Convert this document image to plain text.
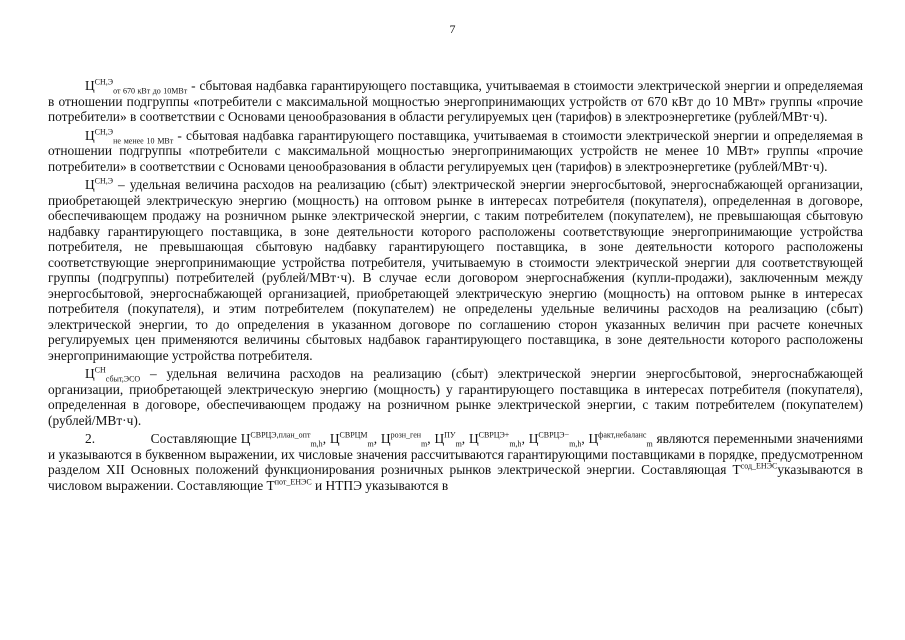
7

$Ц^{СН,Э}_{от 670 кВт до 10МВт}$ - сбытовая надбавка гарантирующего поставщика, учитываемая в стоимости электрической энергии и определяемая в отношении подгруппы «потребители с максимальной мощностью энергопринимающих устройств от 670 кВт до 10 МВт» группы «прочие потребители» в соответствии с Основами ценообразования в области регулируемых цен (тарифов) в электроэнергетике (рублей/МВт·ч).

$Ц^{СН,Э}_{не менее 10 МВт}$ - сбытовая надбавка гарантирующего поставщика, учитываемая в стоимости электрической энергии и определяемая в отношении подгруппы «потребители с максимальной мощностью энергопринимающих устройств не менее 10 МВт» группы «прочие потребители» в соответствии с Основами ценообразования в области регулируемых цен (тарифов) в электроэнергетике (рублей/МВт·ч).

$Ц^{СН,Э}$ – удельная величина расходов на реализацию (сбыт) электрической энергии энергосбытовой, энергоснабжающей организации, приобретающей электрическую энергию (мощность) на оптовом рынке в интересах потребителя (покупателя), определенная в договоре, обеспечивающем продажу на розничном рынке электрической энергии, с таким потребителем (покупателем), не превышающая сбытовую надбавку гарантирующего поставщика, в зоне деятельности которого расположены соответствующие энергопринимающие устройства потребителя, не превышающая сбытовую надбавку гарантирующего поставщика, в зоне деятельности которого расположены соответствующие энергопринимающие устройства потребителя, учитываемую в стоимости электрической энергии для соответствующей группы (подгруппы) потребителей (рублей/МВт·ч). В случае если договором энергоснабжения (купли-продажи), заключенным между энергосбытовой, энергоснабжающей организацией, приобретающей электрическую энергию (мощность) на оптовом рынке в интересах потребителя (покупателя), и этим потребителем (покупателем) не определены удельные величины расходов на реализацию (сбыт) электрической энергии, то до определения в указанном договоре по соглашению сторон указанных величин при расчете конечных регулируемых цен применяются величины сбытовых надбавок гарантирующего поставщика, в зоне деятельности которого расположены энергопринимающие устройства потребителя.

$Ц^{СН}_{сбыт,ЭСО}$ – удельная величина расходов на реализацию (сбыт) электрической энергии энергосбытовой, энергоснабжающей организации, приобретающей электрическую энергию (мощность) у гарантирующего поставщика в интересах потребителя (покупателя), определенная в договоре, обеспечивающем продажу на розничном рынке электрической энергии, с таким потребителем (покупателем) (рублей/МВт·ч).

2.	Составляющие $Ц^{СВРЦЭ,план\_опт}_{m,h}$, $Ц^{СВРЦМ}_m$, $Ц^{розн\_ген}_m$, $Ц^{ПУ}_m$, $Ц^{СВРЦЭ+}_{m,h}$, $Ц^{СВРЦЭ-}_{m,h}$, $Ц^{факт,небаланс}_m$ являются переменными значениями и указываются в буквенном выражении, их числовые значения рассчитываются гарантирующими поставщиками в порядке, предусмотренном разделом XII Основных положений функционирования розничных рынков электрической энергии. Составляющая $Т^{сод\_ЕНЭС}указываются$ в числовом выражении. Составляющие $Т^{пот\_ЕНЭС}$ и НТПЭ указываются в
